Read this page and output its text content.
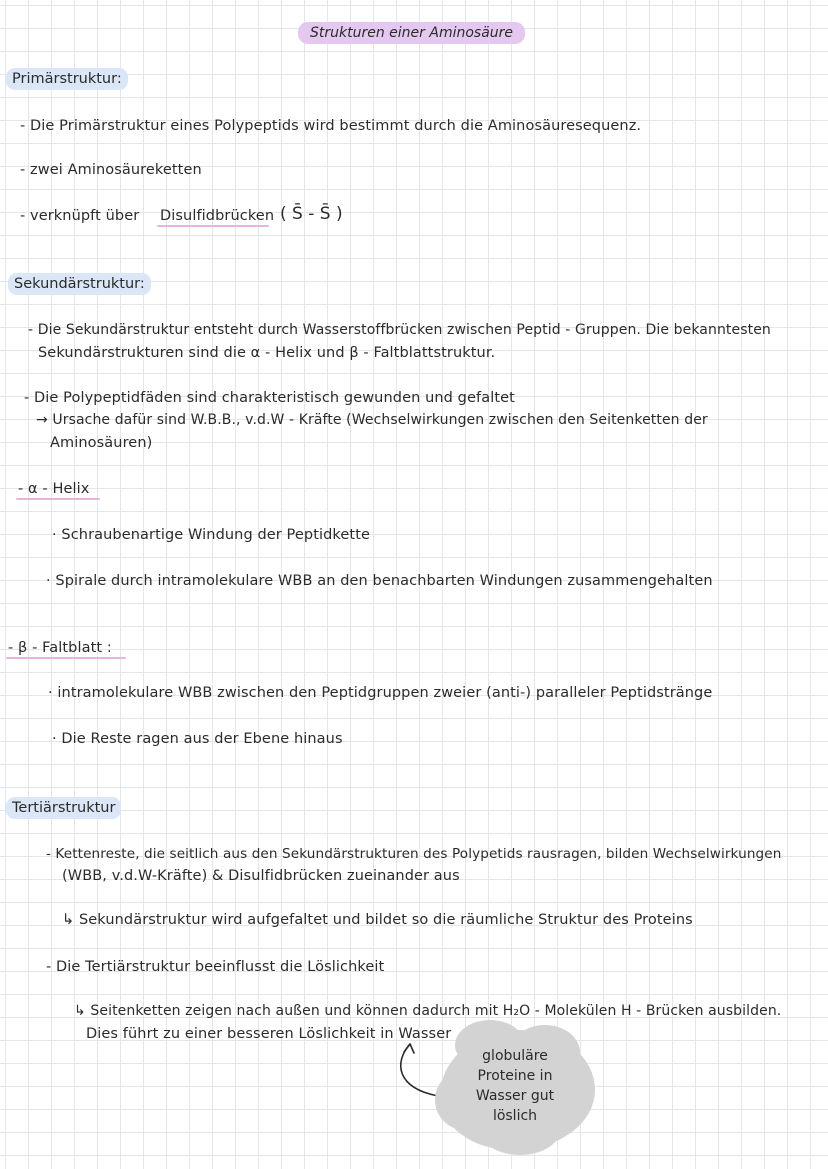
Strukturen einer Aminosäure
Primärstruktur:
- Die Primärstruktur eines Polypeptids wird bestimmt durch die Aminosäuresequenz.
- zwei Aminosäureketten
- verknüpft über Disulfidbrücken ( S̄ - S̄ )
Sekundärstruktur:
- Die Sekundärstruktur entsteht durch Wasserstoffbrücken zwischen Peptid - Gruppen. Die bekanntesten
Sekundärstrukturen sind die α - Helix und β - Faltblattstruktur.
- Die Polypeptidfäden sind charakteristisch gewunden und gefaltet
→ Ursache dafür sind W.B.B., v.d.W - Kräfte (Wechselwirkungen zwischen den Seitenketten der
Aminosäuren)
- α - Helix
· Schraubenartige Windung der Peptidkette
· Spirale durch intramolekulare WBB an den benachbarten Windungen zusammengehalten
- β - Faltblatt :
· intramolekulare WBB zwischen den Peptidgruppen zweier (anti-) paralleler Peptidstränge
· Die Reste ragen aus der Ebene hinaus
Tertiärstruktur
- Kettenreste, die seitlich aus den Sekundärstrukturen des Polypetids rausragen, bilden Wechselwirkungen
(WBB, v.d.W-Kräfte) & Disulfidbrücken zueinander aus
↳ Sekundärstruktur wird aufgefaltet und bildet so die räumliche Struktur des Proteins
- Die Tertiärstruktur beeinflusst die Löslichkeit
↳ Seitenketten zeigen nach außen und können dadurch mit H₂O - Molekülen H - Brücken ausbilden.
Dies führt zu einer besseren Löslichkeit in Wasser
globuläre
Proteine in
Wasser gut
löslich
